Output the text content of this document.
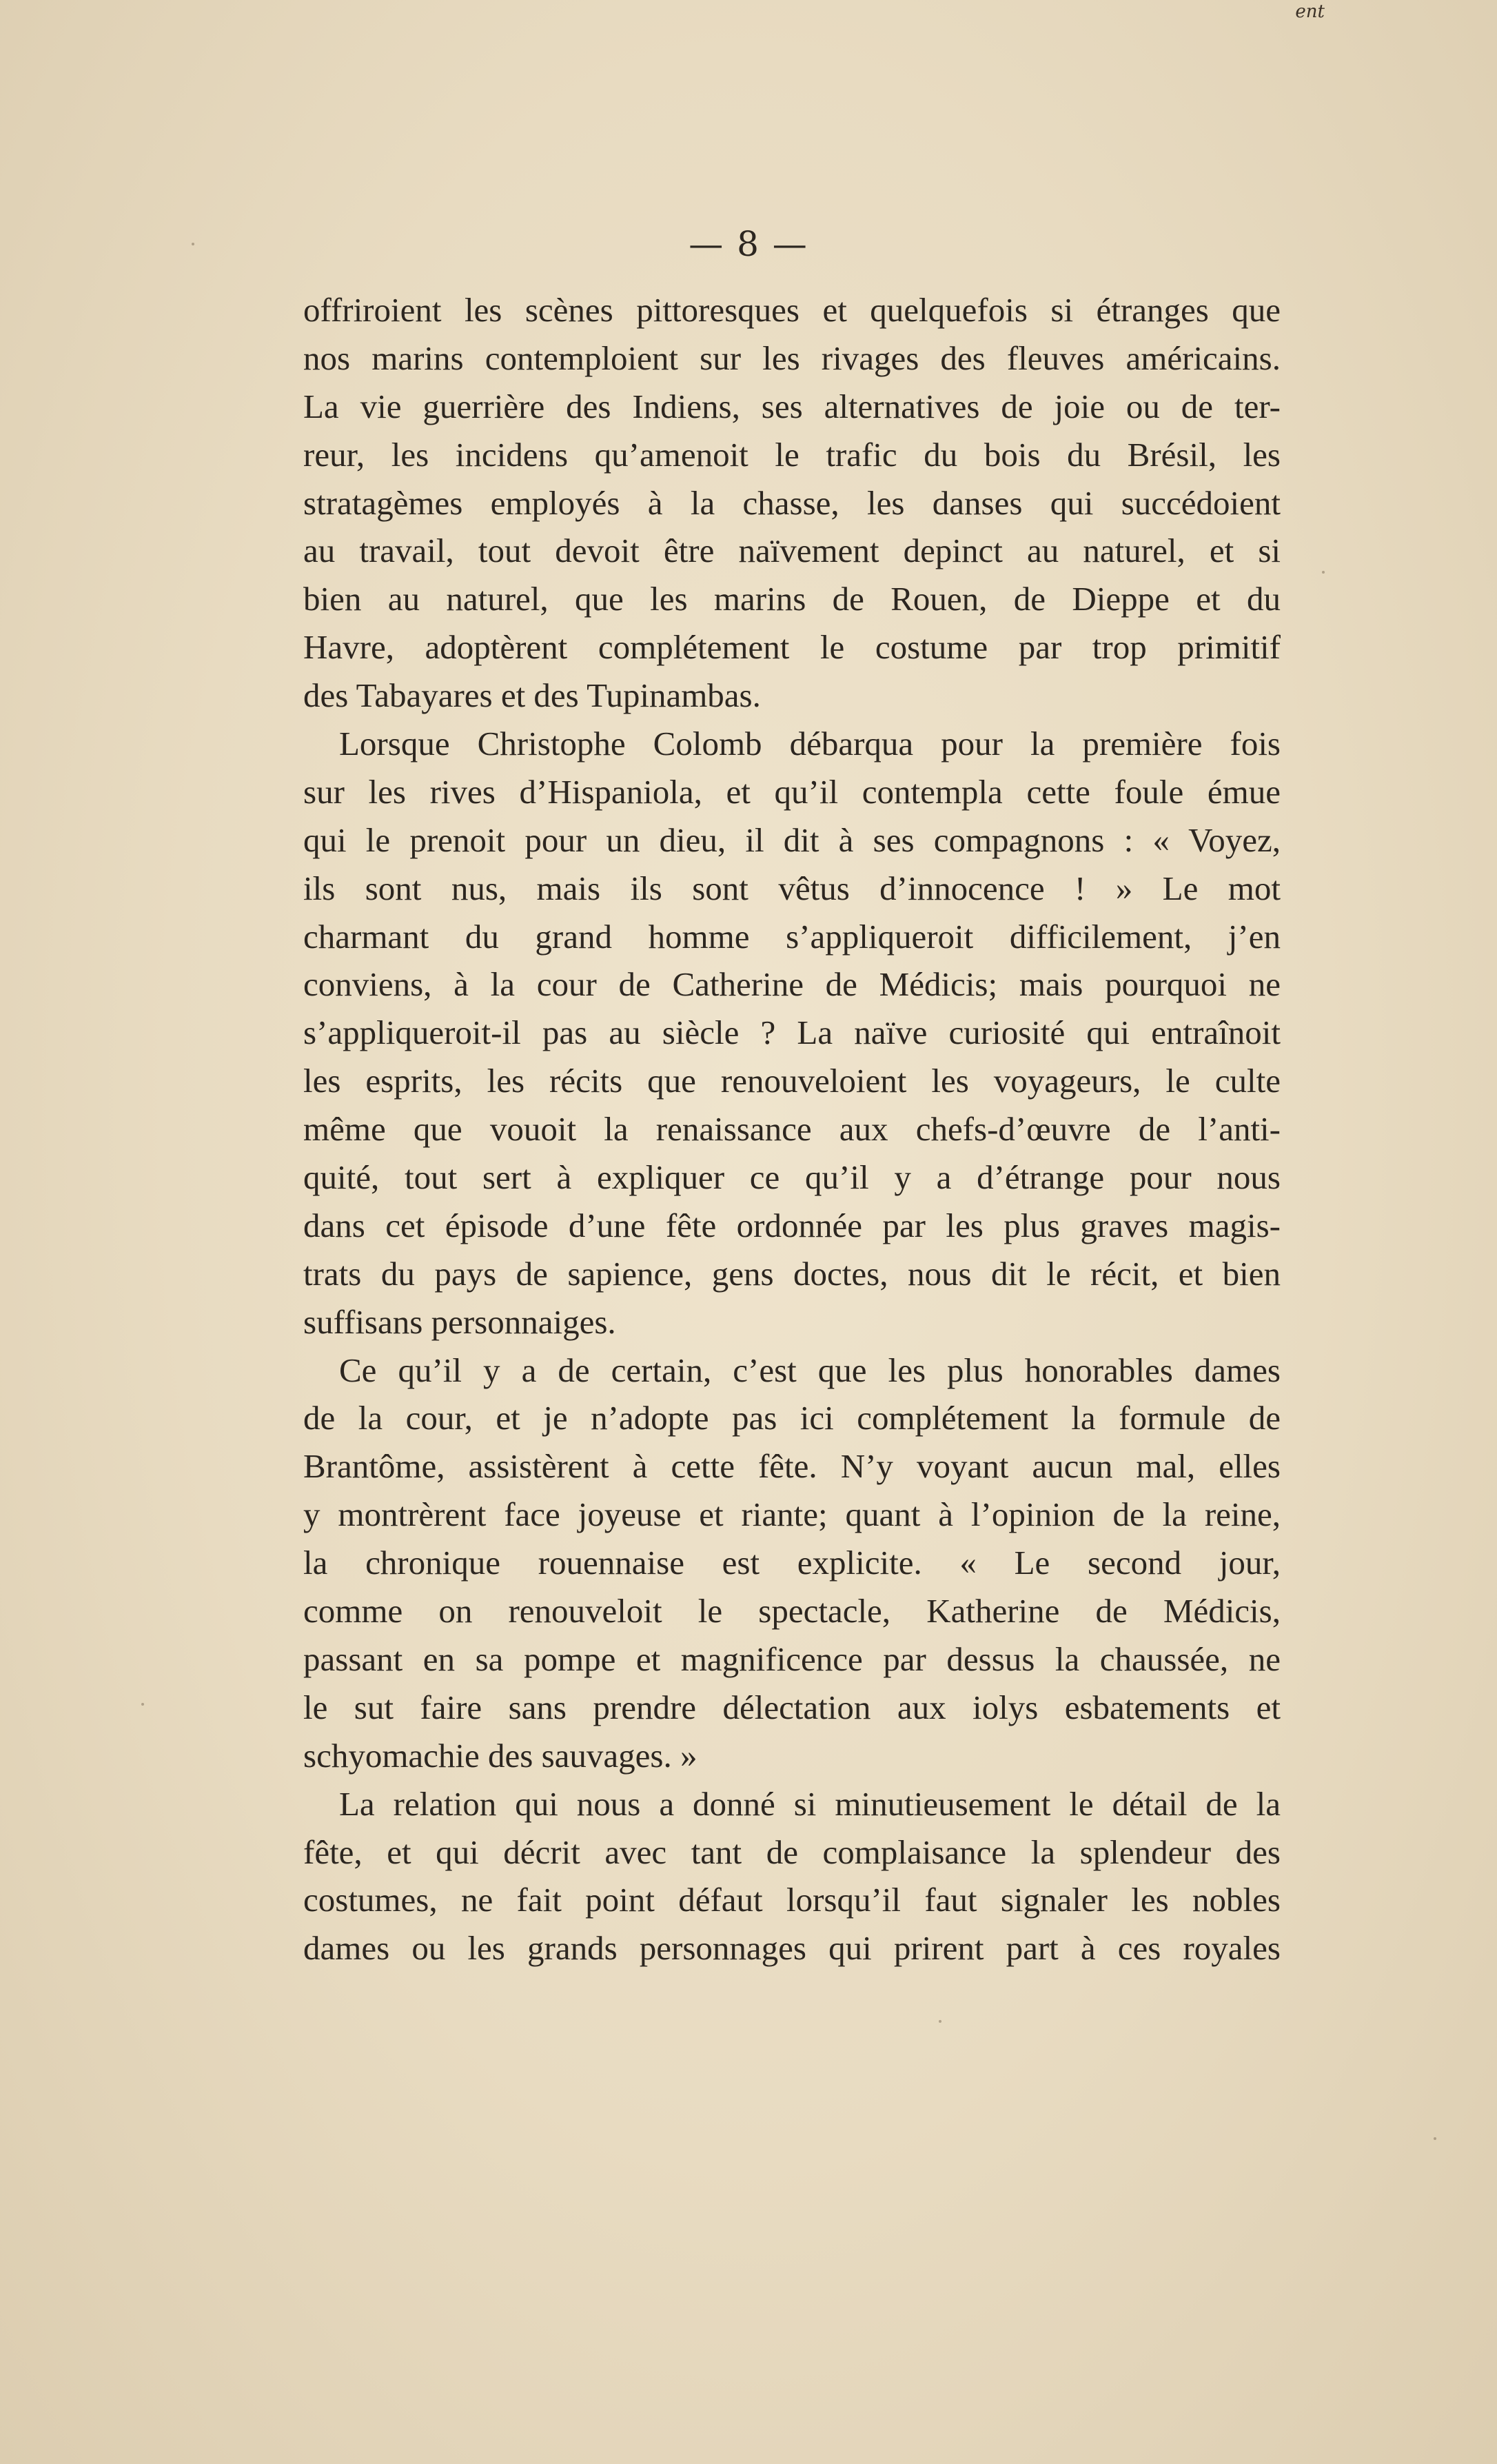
ent
— 8 —
offriroient les scènes pittoresques et quelquefois si étranges que
nos marins contemploient sur les rivages des fleuves américains.
La vie guerrière des Indiens, ses alternatives de joie ou de ter-
reur, les incidens qu’amenoit le trafic du bois du Brésil, les
stratagèmes employés à la chasse, les danses qui succédoient
au travail, tout devoit être naïvement depinct au naturel, et si
bien au naturel, que les marins de Rouen, de Dieppe et du
Havre, adoptèrent complétement le costume par trop primitif
des Tabayares et des Tupinambas.
Lorsque Christophe Colomb débarqua pour la première fois
sur les rives d’Hispaniola, et qu’il contempla cette foule émue
qui le prenoit pour un dieu, il dit à ses compagnons : « Voyez,
ils sont nus, mais ils sont vêtus d’innocence ! » Le mot
charmant du grand homme s’appliqueroit difficilement, j’en
conviens, à la cour de Catherine de Médicis; mais pourquoi ne
s’appliqueroit-il pas au siècle ? La naïve curiosité qui entraînoit
les esprits, les récits que renouveloient les voyageurs, le culte
même que vouoit la renaissance aux chefs-d’œuvre de l’anti-
quité, tout sert à expliquer ce qu’il y a d’étrange pour nous
dans cet épisode d’une fête ordonnée par les plus graves magis-
trats du pays de sapience, gens doctes, nous dit le récit, et bien
suffisans personnaiges.
Ce qu’il y a de certain, c’est que les plus honorables dames
de la cour, et je n’adopte pas ici complétement la formule de
Brantôme, assistèrent à cette fête. N’y voyant aucun mal, elles
y montrèrent face joyeuse et riante; quant à l’opinion de la reine,
la chronique rouennaise est explicite. « Le second jour,
comme on renouveloit le spectacle, Katherine de Médicis,
passant en sa pompe et magnificence par dessus la chaussée, ne
le sut faire sans prendre délectation aux iolys esbatements et
schyomachie des sauvages. »
La relation qui nous a donné si minutieusement le détail de la
fête, et qui décrit avec tant de complaisance la splendeur des
costumes, ne fait point défaut lorsqu’il faut signaler les nobles
dames ou les grands personnages qui prirent part à ces royales
